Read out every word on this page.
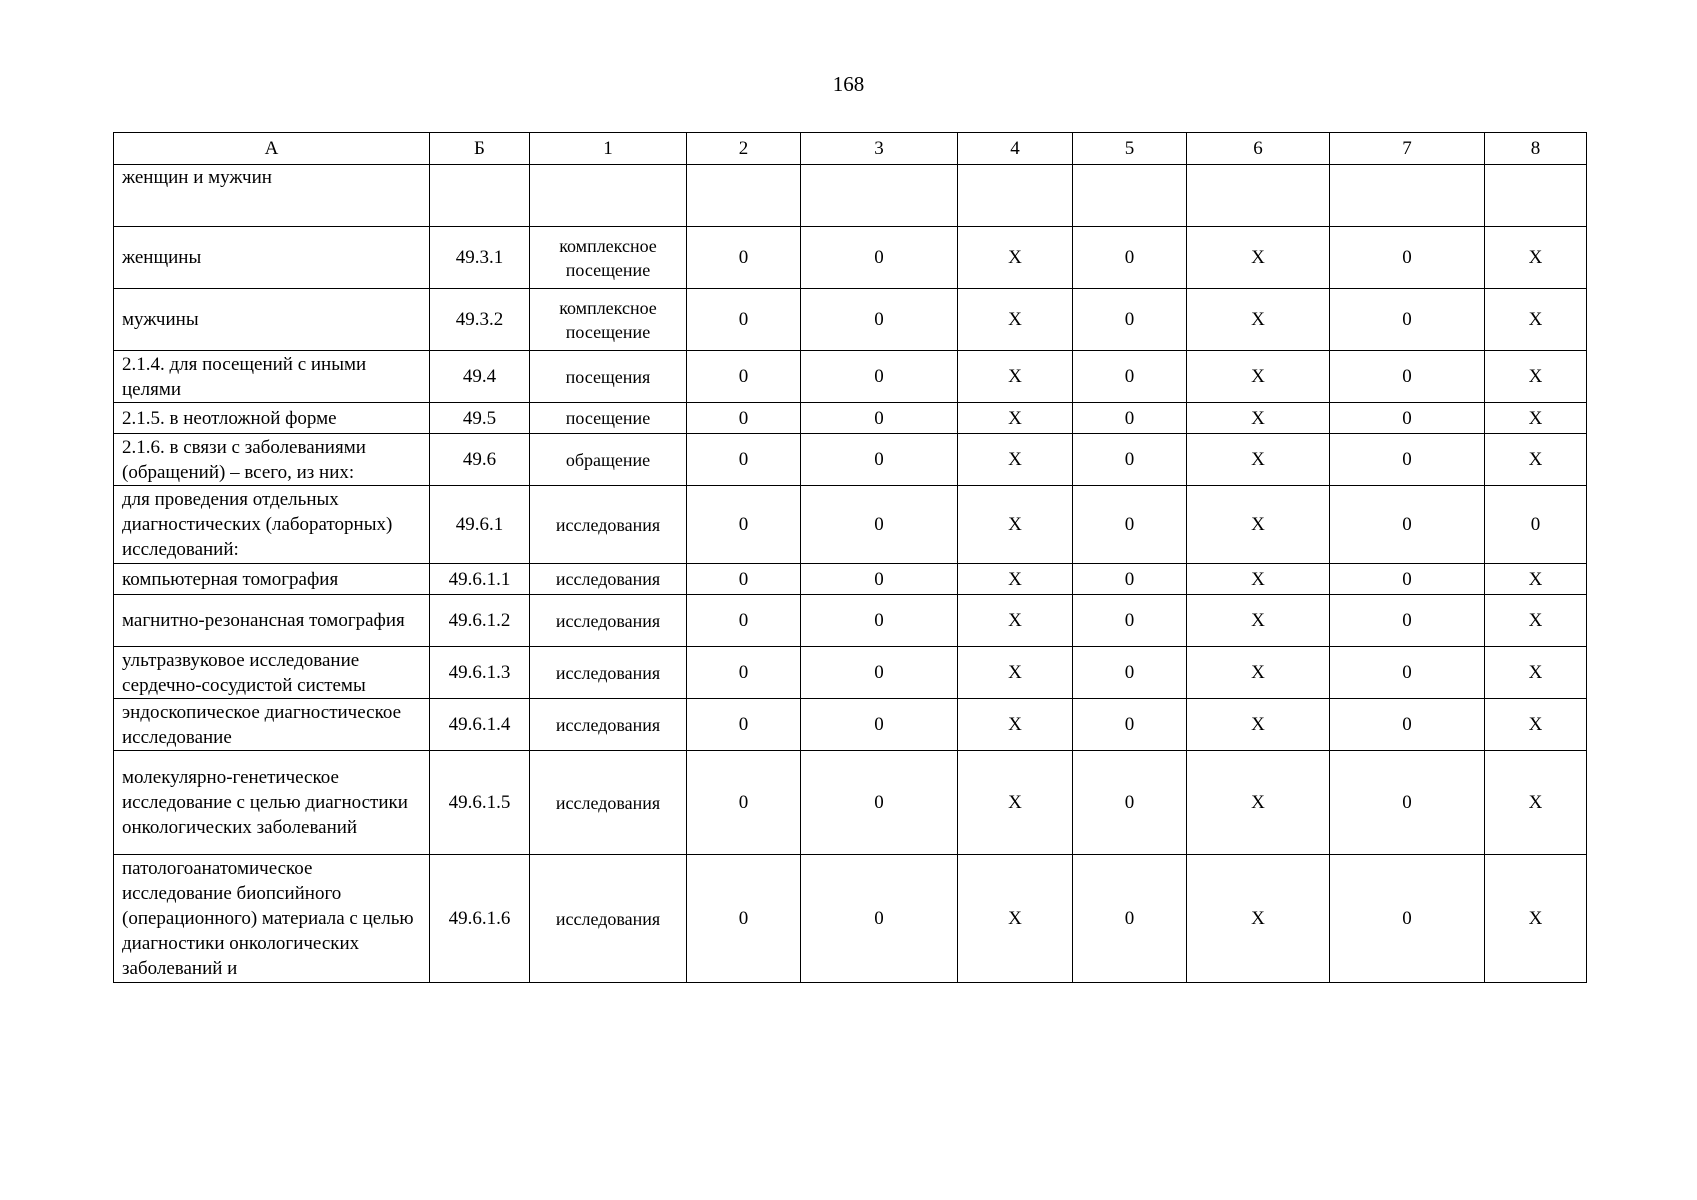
168
А	Б	1	2	3	4	5	6	7	8
женщин и мужчин									
женщины	49.3.1	комплексное посещение	0	0	Х	0	Х	0	Х
мужчины	49.3.2	комплексное посещение	0	0	Х	0	Х	0	Х
2.1.4. для посещений с иными целями	49.4	посещения	0	0	Х	0	Х	0	Х
2.1.5. в неотложной форме	49.5	посещение	0	0	Х	0	Х	0	Х
2.1.6. в связи с заболеваниями (обращений) – всего, из них:	49.6	обращение	0	0	Х	0	Х	0	Х
для проведения отдельных диагностических (лабораторных) исследований:	49.6.1	исследования	0	0	Х	0	Х	0	0
компьютерная томография	49.6.1.1	исследования	0	0	Х	0	Х	0	Х
магнитно-резонансная томография	49.6.1.2	исследования	0	0	Х	0	Х	0	Х
ультразвуковое исследование сердечно-сосудистой системы	49.6.1.3	исследования	0	0	Х	0	Х	0	Х
эндоскопическое диагностическое исследование	49.6.1.4	исследования	0	0	Х	0	Х	0	Х
молекулярно-генетическое исследование с целью диагностики онкологических заболеваний	49.6.1.5	исследования	0	0	Х	0	Х	0	Х
патологоанатомическое исследование биопсийного (операционного) материала с целью диагностики онкологических заболеваний и	49.6.1.6	исследования	0	0	Х	0	Х	0	Х
